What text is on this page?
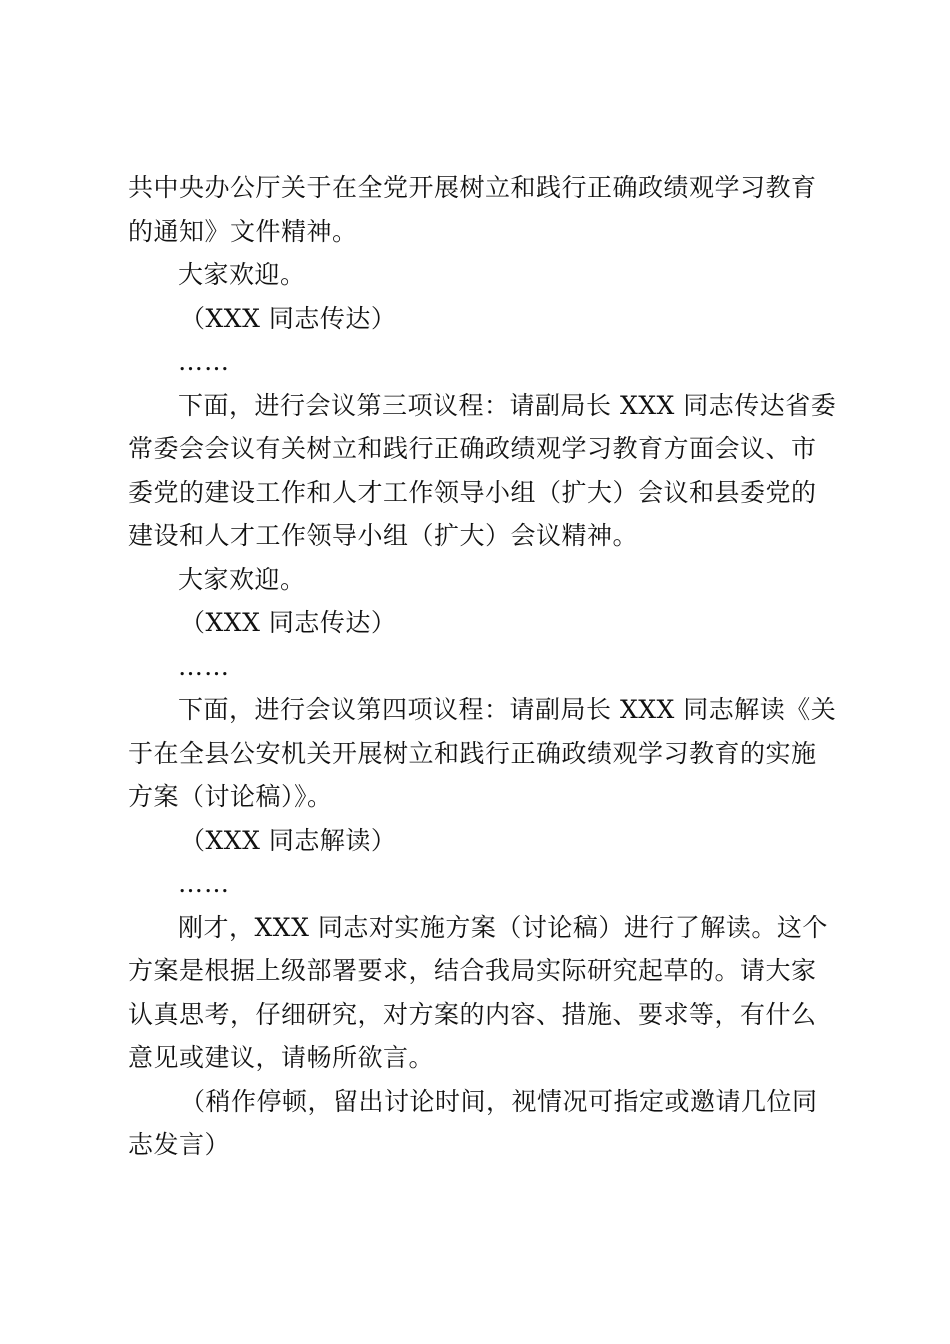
共中央办公厅关于在全党开展树立和践行正确政绩观学习教育
的通知》文件精神。

大家欢迎。

（XXX 同志传达）

……

下面，进行会议第三项议程：请副局长 XXX 同志传达省委
常委会会议有关树立和践行正确政绩观学习教育方面会议、市
委党的建设工作和人才工作领导小组（扩大）会议和县委党的
建设和人才工作领导小组（扩大）会议精神。

大家欢迎。

（XXX 同志传达）

……

下面，进行会议第四项议程：请副局长 XXX 同志解读《关
于在全县公安机关开展树立和践行正确政绩观学习教育的实施
方案（讨论稿）》。

（XXX 同志解读）

……

刚才，XXX 同志对实施方案（讨论稿）进行了解读。这个
方案是根据上级部署要求，结合我局实际研究起草的。请大家
认真思考，仔细研究，对方案的内容、措施、要求等，有什么
意见或建议，请畅所欲言。

（稍作停顿，留出讨论时间，视情况可指定或邀请几位同
志发言）
